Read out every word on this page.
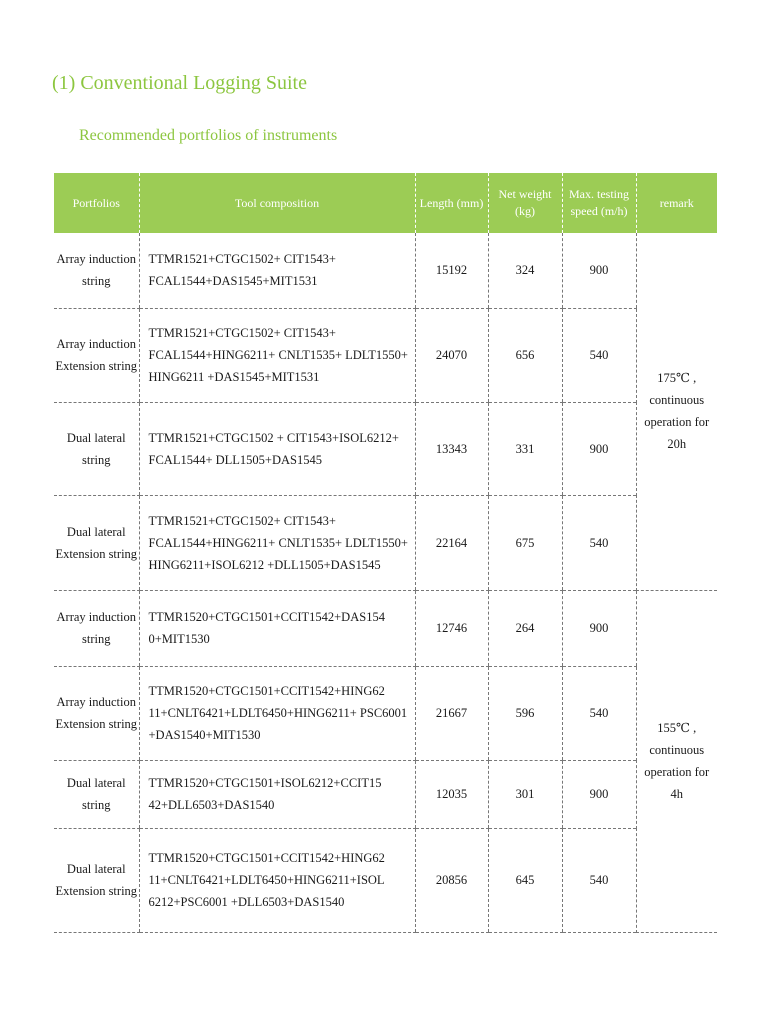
(1) Conventional Logging Suite
Recommended portfolios of instruments
Portfolios	Tool composition	Length (mm)	Net weight (kg)	Max. testing speed (m/h)	remark
Array induction string	TTMR1521+CTGC1502+ CIT1543+ FCAL1544+DAS1545+MIT1531	15192	324	900	175℃ , continuous operation for 20h
Array induction Extension string	TTMR1521+CTGC1502+ CIT1543+ FCAL1544+HING6211+ CNLT1535+ LDLT1550+ HING6211 +DAS1545+MIT1531	24070	656	540	
Dual lateral string	TTMR1521+CTGC1502 + CIT1543+ISOL6212+ FCAL1544+ DLL1505+DAS1545	13343	331	900	
Dual lateral Extension string	TTMR1521+CTGC1502+ CIT1543+ FCAL1544+HING6211+ CNLT1535+ LDLT1550+ HING6211+ISOL6212 +DLL1505+DAS1545	22164	675	540	
Array induction string	TTMR1520+CTGC1501+CCIT1542+DAS154 0+MIT1530	12746	264	900	155℃ , continuous operation for 4h
Array induction Extension string	TTMR1520+CTGC1501+CCIT1542+HING62 11+CNLT6421+LDLT6450+HING6211+ PSC6001 +DAS1540+MIT1530	21667	596	540	
Dual lateral string	TTMR1520+CTGC1501+ISOL6212+CCIT15 42+DLL6503+DAS1540	12035	301	900	
Dual lateral Extension string	TTMR1520+CTGC1501+CCIT1542+HING62 11+CNLT6421+LDLT6450+HING6211+ISOL 6212+PSC6001 +DLL6503+DAS1540	20856	645	540	
